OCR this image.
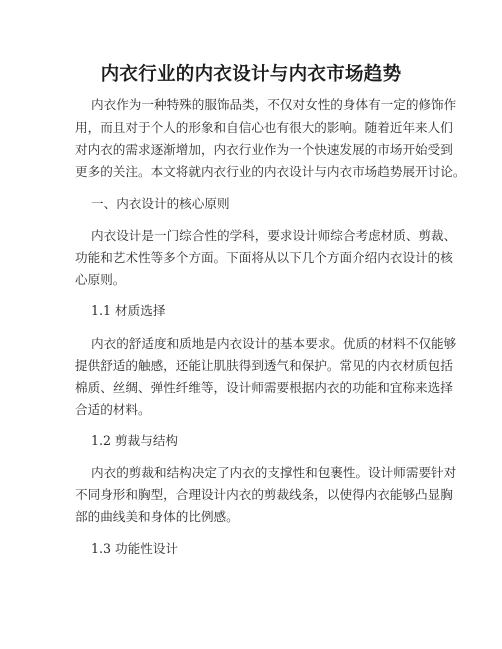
内衣行业的内衣设计与内衣市场趋势
内衣作为一种特殊的服饰品类，不仅对女性的身体有一定的修饰作
用，而且对于个人的形象和自信心也有很大的影响。随着近年来人们
对内衣的需求逐渐增加，内衣行业作为一个快速发展的市场开始受到
更多的关注。本文将就内衣行业的内衣设计与内衣市场趋势展开讨论。
一、内衣设计的核心原则
内衣设计是一门综合性的学科，要求设计师综合考虑材质、剪裁、
功能和艺术性等多个方面。下面将从以下几个方面介绍内衣设计的核
心原则。
1.1 材质选择
内衣的舒适度和质地是内衣设计的基本要求。优质的材料不仅能够
提供舒适的触感，还能让肌肤得到透气和保护。常见的内衣材质包括
棉质、丝绸、弹性纤维等，设计师需要根据内衣的功能和宜称来选择
合适的材料。
1.2 剪裁与结构
内衣的剪裁和结构决定了内衣的支撑性和包裹性。设计师需要针对
不同身形和胸型，合理设计内衣的剪裁线条，以使得内衣能够凸显胸
部的曲线美和身体的比例感。
1.3 功能性设计
